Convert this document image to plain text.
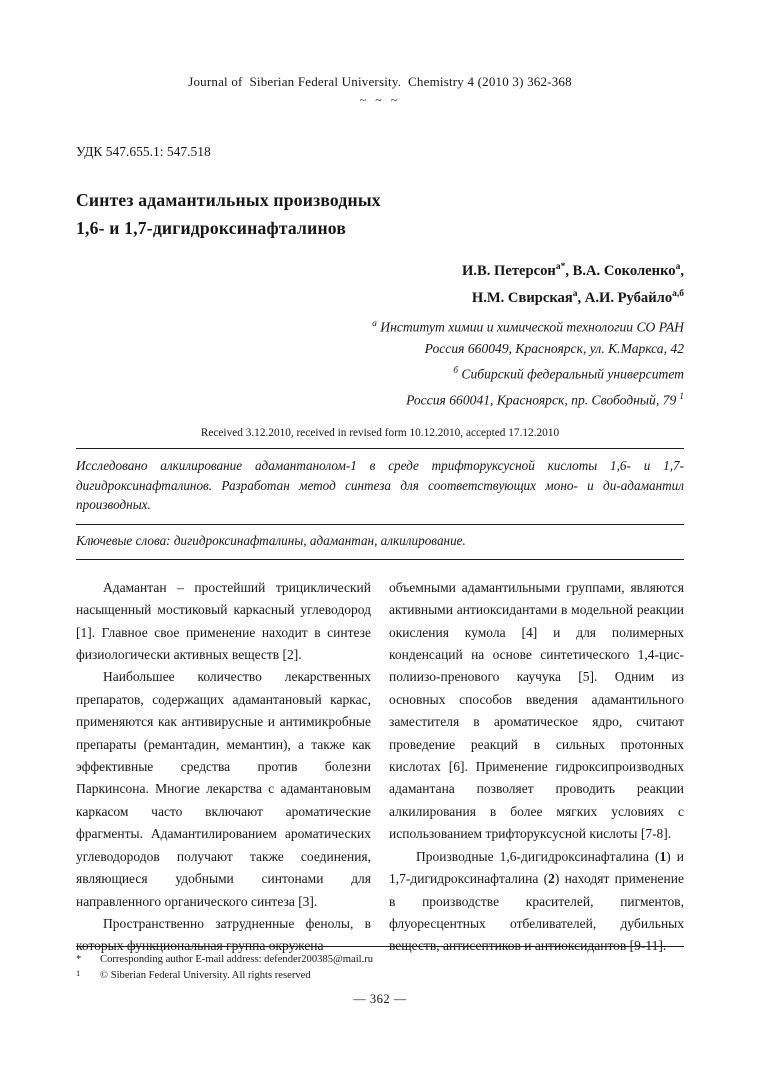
Journal of  Siberian Federal University.  Chemistry 4 (2010 3) 362-368
~ ~ ~
УДК 547.655.1: 547.518
Синтез адамантильных производных
1,6- и 1,7-дигидроксинафталинов
И.В. Петерсон$^{а*}$, В.А. Соколенко$^а$,
Н.М. Свирская$^а$, А.И. Рубайло$^{а,б}$
$^а$ Институт химии и химической технологии СО РАН
Россия 660049, Красноярск, ул. К.Маркса, 42
$^б$ Сибирский федеральный университет
Россия 660041, Красноярск, пр. Свободный, 79 $^1$
Received 3.12.2010, received in revised form 10.12.2010, accepted 17.12.2010

Исследовано алкилирование адамантанолом-1 в среде трифторуксусной кислоты 1,6- и 1,7-дигидроксинафталинов. Разработан метод синтеза для соответствующих моно- и ди-адамантил производных.

Ключевые слова: дигидроксинафталины, адамантан, алкилирование.

Адамантан – простейший трициклический насыщенный мостиковый каркасный углеводород [1]. Главное свое применение находит в синтезе физиологически активных веществ [2].

Наибольшее количество лекарственных препаратов, содержащих адамантановый каркас, применяются как антивирусные и антимикробные препараты (ремантадин, мемантин), а также как эффективные средства против болезни Паркинсона. Многие лекарства с адамантановым каркасом часто включают ароматические фрагменты. Адамантилированием ароматических углеводородов получают также соединения, являющиеся удобными синтонами для направленного органического синтеза [3].

Пространственно затрудненные фенолы, в которых функциональная группа окружена

объемными адамантильными группами, являются активными антиоксидантами в модельной реакции окисления кумола [4] и для полимерных конденсаций на основе синтетического 1,4-цис-полиизо-пренового каучука [5]. Одним из основных способов введения адамантильного заместителя в ароматическое ядро, считают проведение реакций в сильных протонных кислотах [6]. Применение гидроксипроизводных адамантана позволяет проводить реакции алкилирования в более мягких условиях с использованием трифторуксусной кислоты [7-8].

Производные 1,6-дигидроксинафталина (1) и 1,7-дигидроксинафталина (2) находят применение в производстве красителей, пигментов, флуоресцентных отбеливателей, дубильных веществ, антисептиков и антиоксидантов [9-11].

*	Corresponding author E-mail address: defender200385@mail.ru
1	© Siberian Federal University. All rights reserved
— 362 —
